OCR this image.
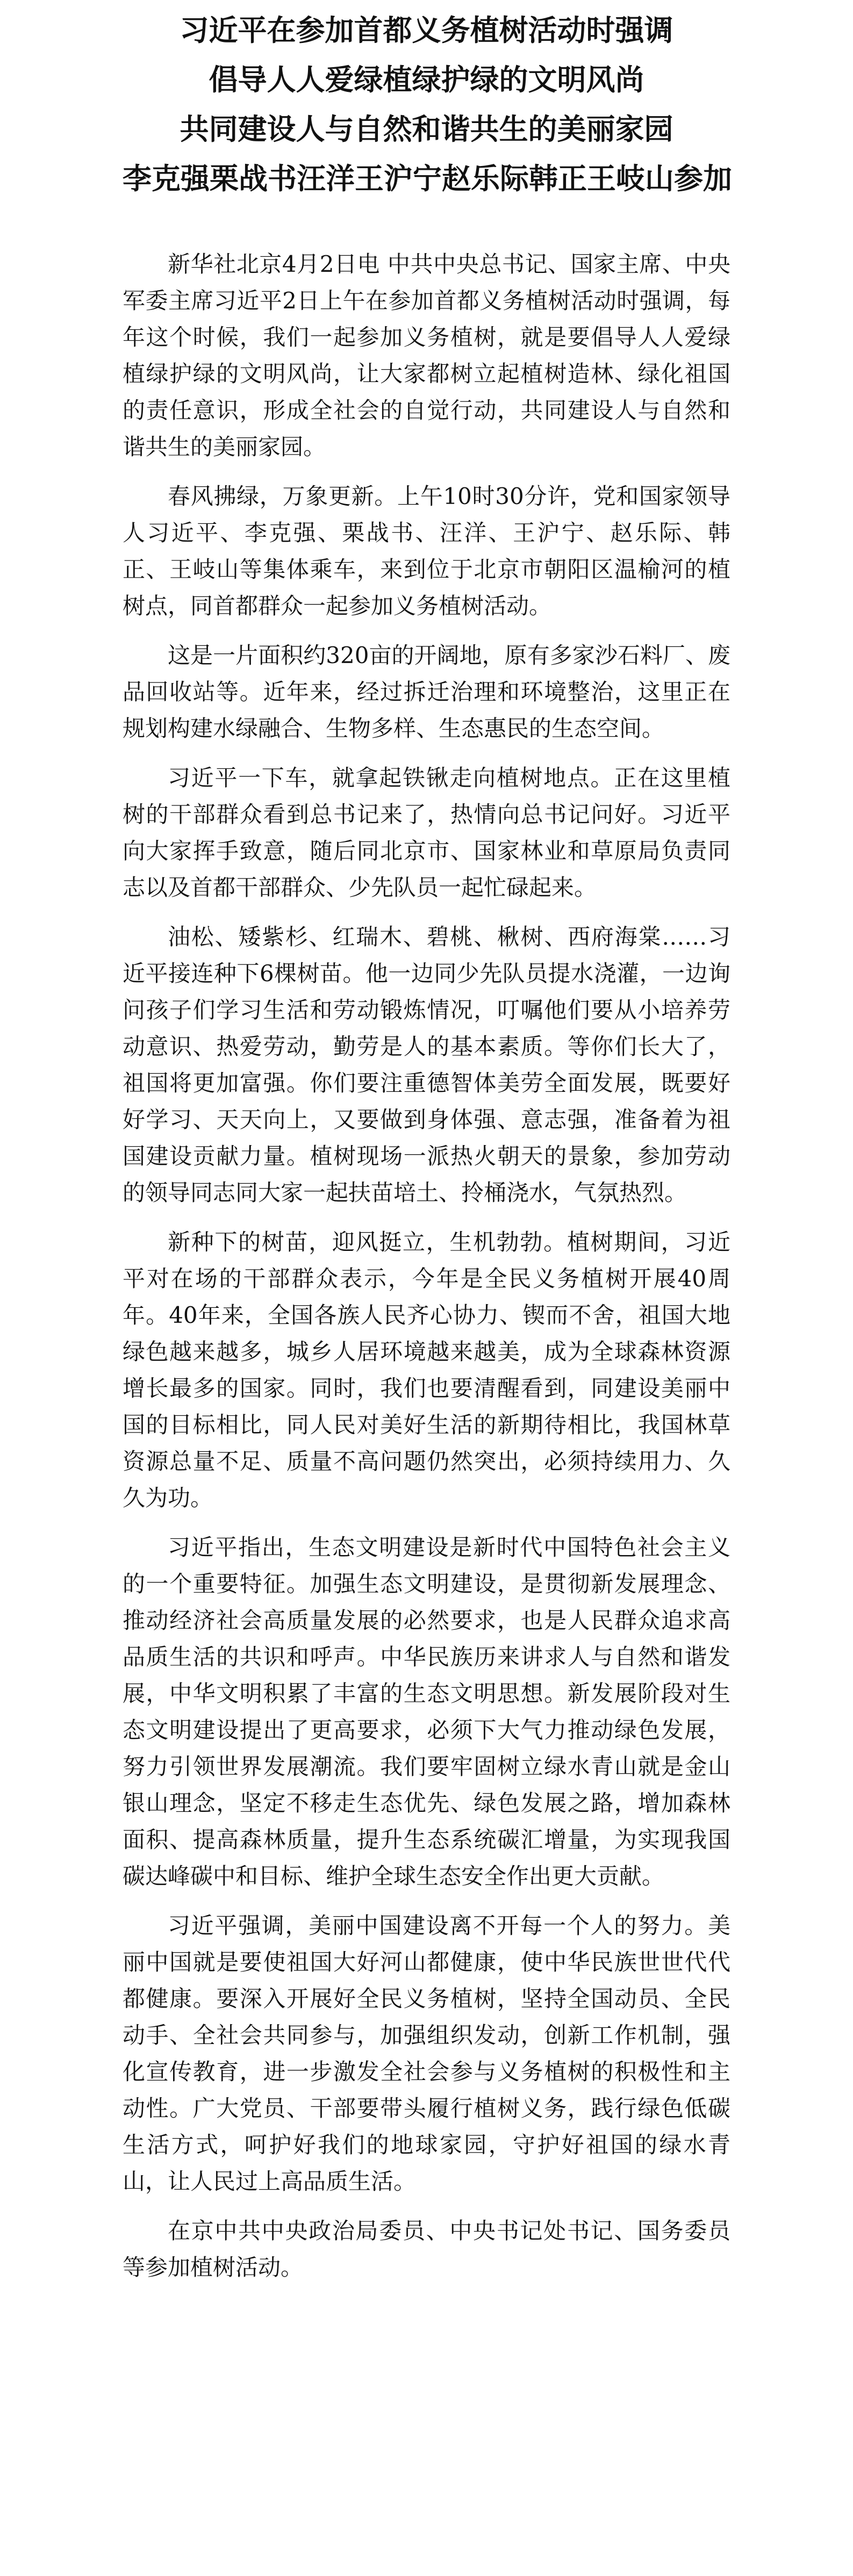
习近平在参加首都义务植树活动时强调
倡导人人爱绿植绿护绿的文明风尚
共同建设人与自然和谐共生的美丽家园
李克强栗战书汪洋王沪宁赵乐际韩正王岐山参加

新华社北京4月2日电 中共中央总书记、国家主席、中央军委主席习近平2日上午在参加首都义务植树活动时强调，每年这个时候，我们一起参加义务植树，就是要倡导人人爱绿植绿护绿的文明风尚，让大家都树立起植树造林、绿化祖国的责任意识，形成全社会的自觉行动，共同建设人与自然和谐共生的美丽家园。

春风拂绿，万象更新。上午10时30分许，党和国家领导人习近平、李克强、栗战书、汪洋、王沪宁、赵乐际、韩正、王岐山等集体乘车，来到位于北京市朝阳区温榆河的植树点，同首都群众一起参加义务植树活动。

这是一片面积约320亩的开阔地，原有多家沙石料厂、废品回收站等。近年来，经过拆迁治理和环境整治，这里正在规划构建水绿融合、生物多样、生态惠民的生态空间。

习近平一下车，就拿起铁锹走向植树地点。正在这里植树的干部群众看到总书记来了，热情向总书记问好。习近平向大家挥手致意，随后同北京市、国家林业和草原局负责同志以及首都干部群众、少先队员一起忙碌起来。

油松、矮紫杉、红瑞木、碧桃、楸树、西府海棠……习近平接连种下6棵树苗。他一边同少先队员提水浇灌，一边询问孩子们学习生活和劳动锻炼情况，叮嘱他们要从小培养劳动意识、热爱劳动，勤劳是人的基本素质。等你们长大了，祖国将更加富强。你们要注重德智体美劳全面发展，既要好好学习、天天向上，又要做到身体强、意志强，准备着为祖国建设贡献力量。植树现场一派热火朝天的景象，参加劳动的领导同志同大家一起扶苗培土、拎桶浇水，气氛热烈。

新种下的树苗，迎风挺立，生机勃勃。植树期间，习近平对在场的干部群众表示，今年是全民义务植树开展40周年。40年来，全国各族人民齐心协力、锲而不舍，祖国大地绿色越来越多，城乡人居环境越来越美，成为全球森林资源增长最多的国家。同时，我们也要清醒看到，同建设美丽中国的目标相比，同人民对美好生活的新期待相比，我国林草资源总量不足、质量不高问题仍然突出，必须持续用力、久久为功。

习近平指出，生态文明建设是新时代中国特色社会主义的一个重要特征。加强生态文明建设，是贯彻新发展理念、推动经济社会高质量发展的必然要求，也是人民群众追求高品质生活的共识和呼声。中华民族历来讲求人与自然和谐发展，中华文明积累了丰富的生态文明思想。新发展阶段对生态文明建设提出了更高要求，必须下大气力推动绿色发展，努力引领世界发展潮流。我们要牢固树立绿水青山就是金山银山理念，坚定不移走生态优先、绿色发展之路，增加森林面积、提高森林质量，提升生态系统碳汇增量，为实现我国碳达峰碳中和目标、维护全球生态安全作出更大贡献。

习近平强调，美丽中国建设离不开每一个人的努力。美丽中国就是要使祖国大好河山都健康，使中华民族世世代代都健康。要深入开展好全民义务植树，坚持全国动员、全民动手、全社会共同参与，加强组织发动，创新工作机制，强化宣传教育，进一步激发全社会参与义务植树的积极性和主动性。广大党员、干部要带头履行植树义务，践行绿色低碳生活方式，呵护好我们的地球家园，守护好祖国的绿水青山，让人民过上高品质生活。

在京中共中央政治局委员、中央书记处书记、国务委员等参加植树活动。
